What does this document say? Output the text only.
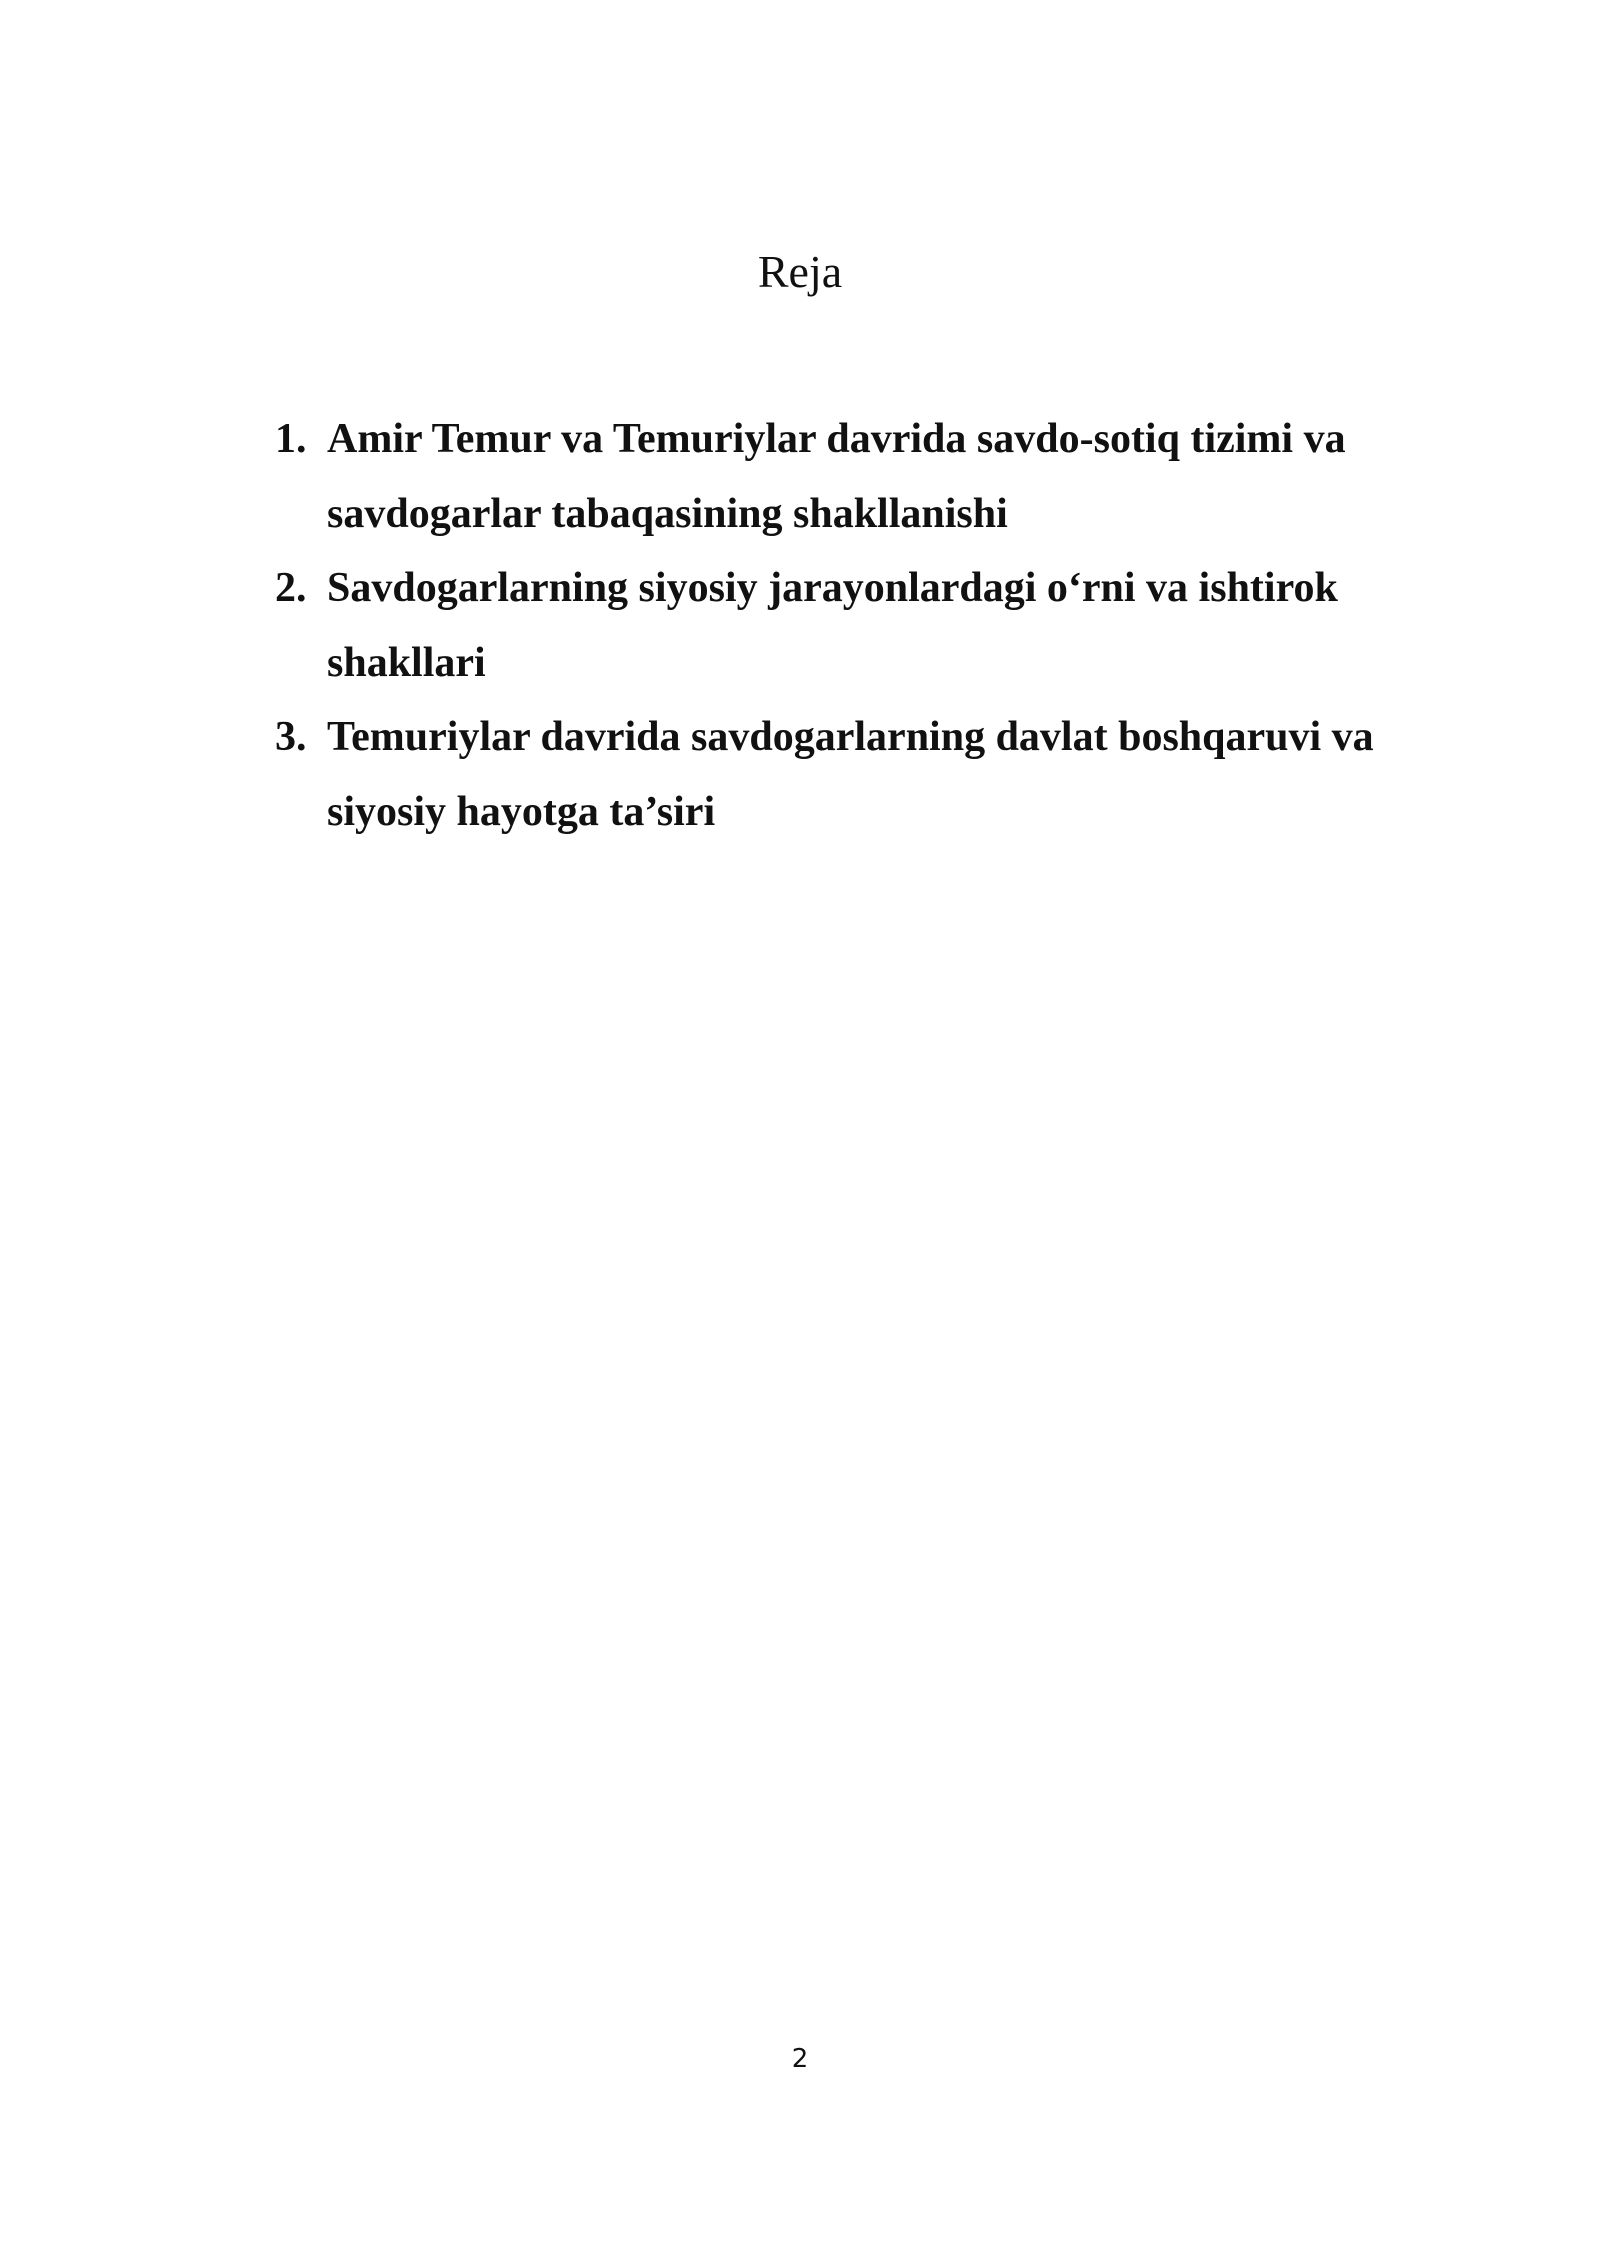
Reja
1. Amir Temur va Temuriylar davrida savdo-sotiq tizimi va savdogarlar tabaqasining shakllanishi
2. Savdogarlarning siyosiy jarayonlardagi o‘rni va ishtirok shakllari
3. Temuriylar davrida savdogarlarning davlat boshqaruvi va siyosiy hayotga ta’siri
2
